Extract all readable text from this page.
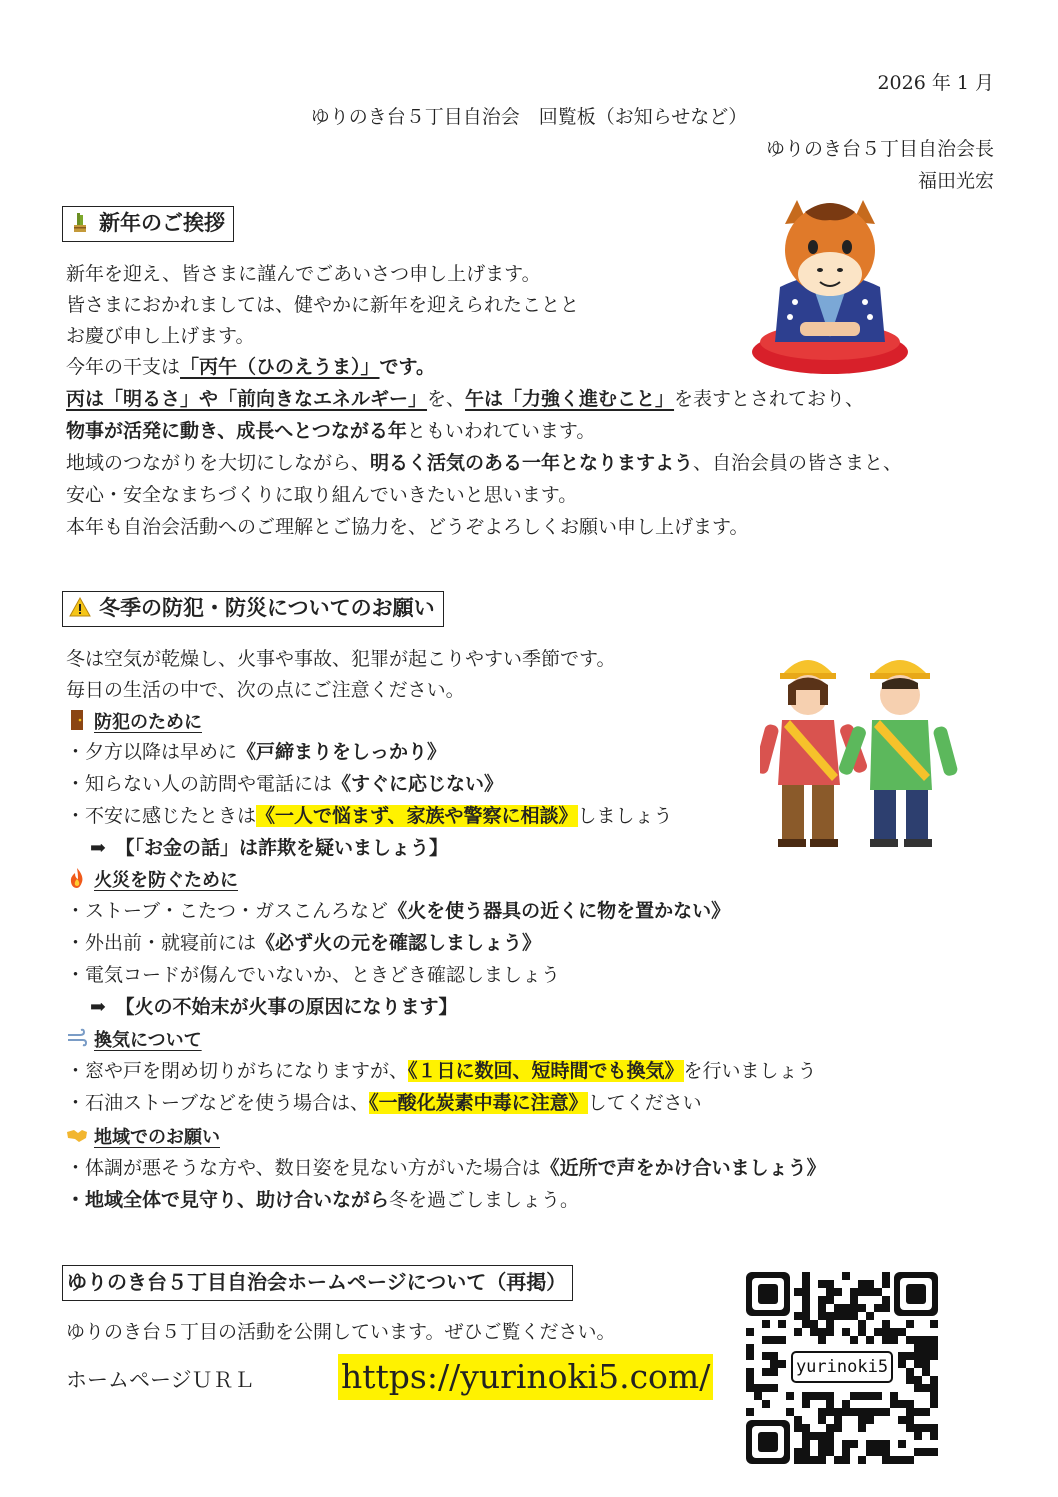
2026 年 1 月
ゆりのき台５丁目自治会　回覧板（お知らせなど）
ゆりのき台５丁目自治会長
福田光宏
新年のご挨拶
新年を迎え、皆さまに謹んでごあいさつ申し上げます。
皆さまにおかれましては、健やかに新年を迎えられたことと
お慶び申し上げます。
今年の干支は「丙午（ひのえうま）」です。
丙は「明るさ」や「前向きなエネルギー」を、午は「力強く進むこと」を表すとされており、
物事が活発に動き、成長へとつながる年ともいわれています。
地域のつながりを大切にしながら、明るく活気のある一年となりますよう、自治会員の皆さまと、
安心・安全なまちづくりに取り組んでいきたいと思います。
本年も自治会活動へのご理解とご協力を、どうぞよろしくお願い申し上げます。
冬季の防犯・防災についてのお願い
冬は空気が乾燥し、火事や事故、犯罪が起こりやすい季節です。
毎日の生活の中で、次の点にご注意ください。
防犯のために
・夕方以降は早めに《戸締まりをしっかり》
・知らない人の訪問や電話には《すぐに応じない》
・不安に感じたときは《一人で悩まず、家族や警察に相談》しましょう
➡　 【「お金の話」は詐欺を疑いましょう】
火災を防ぐために
・ストーブ・こたつ・ガスこんろなど《火を使う器具の近くに物を置かない》
・外出前・就寝前には《必ず火の元を確認しましょう》
・電気コードが傷んでいないか、ときどき確認しましょう
➡　 【火の不始末が火事の原因になります】
換気について
・窓や戸を閉め切りがちになりますが、《１日に数回、短時間でも換気》を行いましょう
・石油ストーブなどを使う場合は、《一酸化炭素中毒に注意》してください
地域でのお願い
・体調が悪そうな方や、数日姿を見ない方がいた場合は《近所で声をかけ合いましょう》
・地域全体で見守り、助け合いながら冬を過ごしましょう。
ゆりのき台５丁目自治会ホームページについて（再掲）
ゆりのき台５丁目の活動を公開しています。ぜひご覧ください。
ホームページＵＲＬ	https://yurinoki5.com/	yurinoki5
